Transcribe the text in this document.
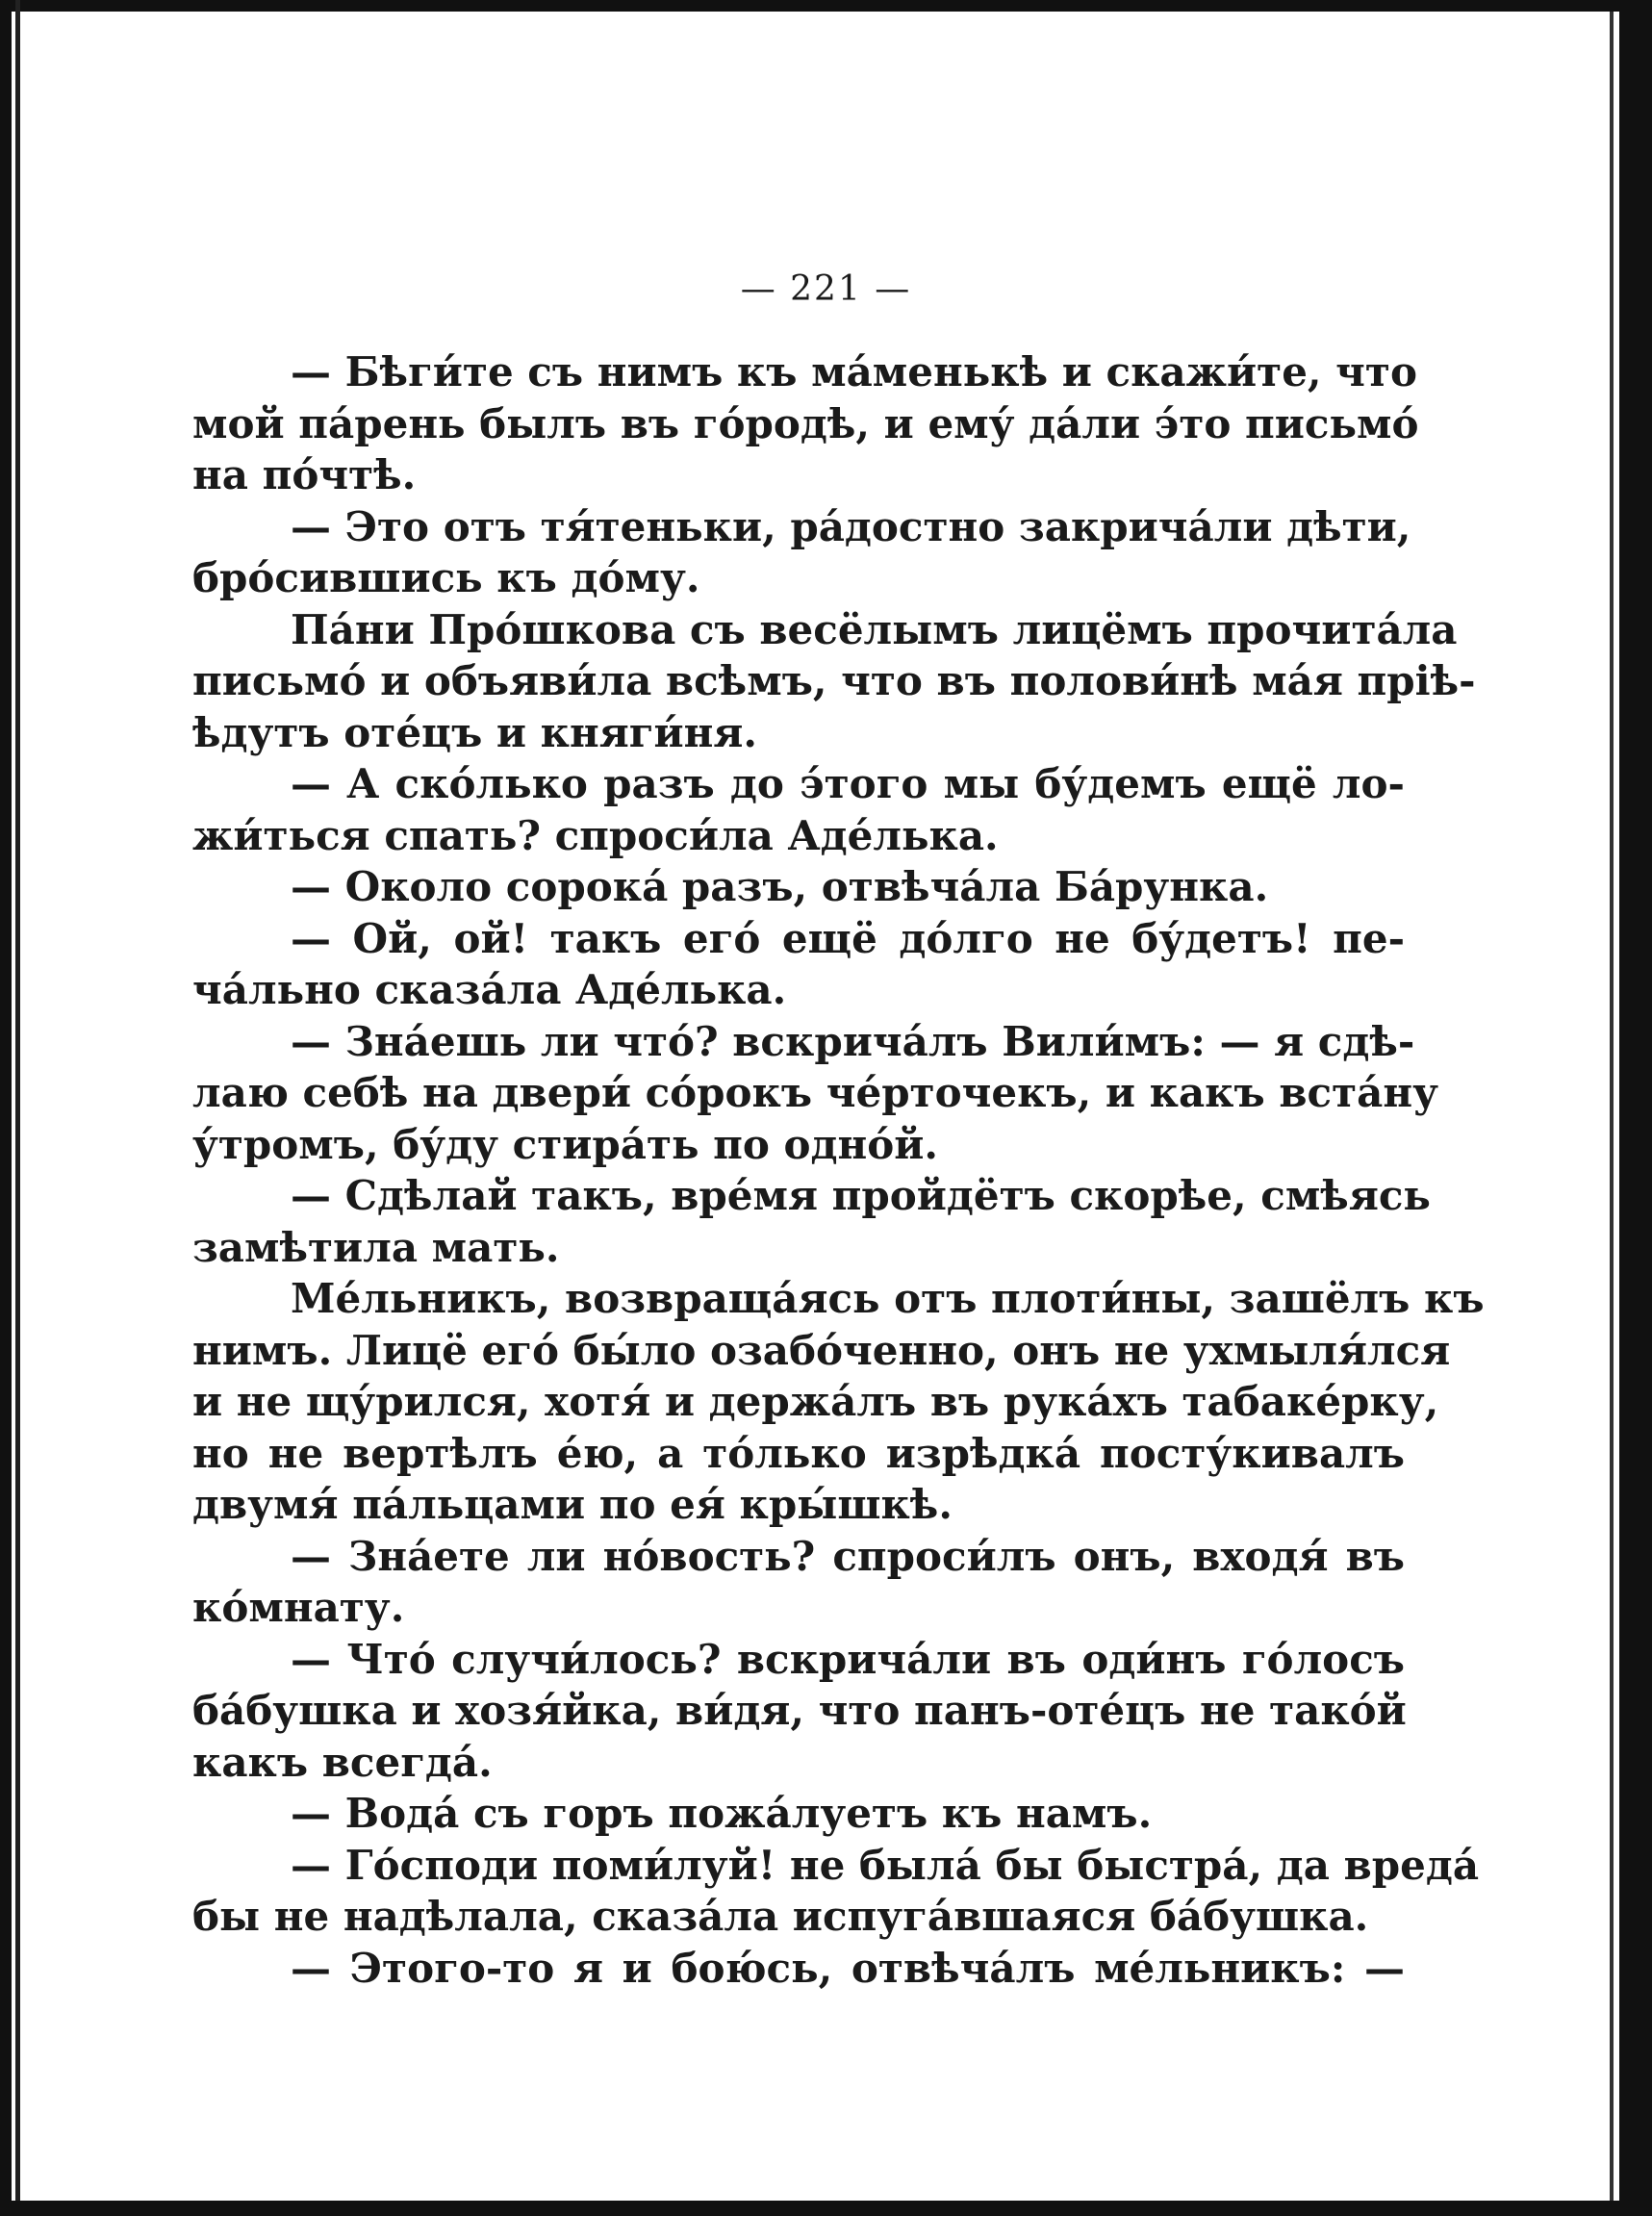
— 221 —
— Бѣги́те съ нимъ къ ма́менькѣ и скажи́те, что
мой па́рень былъ въ го́родѣ, и ему́ да́ли э́то письмо́
на по́чтѣ.
— Это отъ тя́теньки, ра́достно закрича́ли дѣти,
бро́сившись къ до́му.
Па́ни Про́шкова съ весёлымъ лицёмъ прочита́ла
письмо́ и объяви́ла всѣмъ, что въ полови́нѣ ма́я пріѣ-
ѣдутъ оте́цъ и княги́ня.
— А ско́лько разъ до э́того мы бу́демъ ещё ло-
жи́ться спать? спроси́ла Аде́лька.
— Около сорока́ разъ, отвѣча́ла Ба́рунка.
— Ой, ой! такъ его́ ещё до́лго не бу́детъ! пе-
ча́льно сказа́ла Аде́лька.
— Зна́ешь ли что́? вскрича́лъ Вили́мъ: — я сдѣ-
лаю себѣ на двери́ со́рокъ че́рточекъ, и какъ вста́ну
у́тромъ, бу́ду стира́ть по одно́й.
— Сдѣлай такъ, вре́мя пройдётъ скорѣе, смѣясь
замѣтила мать.
Ме́льникъ, возвраща́ясь отъ плоти́ны, зашёлъ къ
нимъ. Лицё его́ бы́ло озабо́ченно, онъ не ухмыля́лся
и не щу́рился, хотя́ и держа́лъ въ рука́хъ табаке́рку,
но не вертѣлъ е́ю, а то́лько изрѣдка́ посту́кивалъ
двумя́ па́льцами по ея́ кры́шкѣ.
— Зна́ете ли но́вость? спроси́лъ онъ, входя́ въ
ко́мнату.
— Что́ случи́лось? вскрича́ли въ оди́нъ го́лосъ
ба́бушка и хозя́йка, ви́дя, что панъ-оте́цъ не тако́й
какъ всегда́.
— Вода́ съ горъ пожа́луетъ къ намъ.
— Го́споди поми́луй! не была́ бы быстра́, да вреда́
бы не надѣлала, сказа́ла испуга́вшаяся ба́бушка.
— Этого-то я и бою́сь, отвѣча́лъ ме́льникъ: —
